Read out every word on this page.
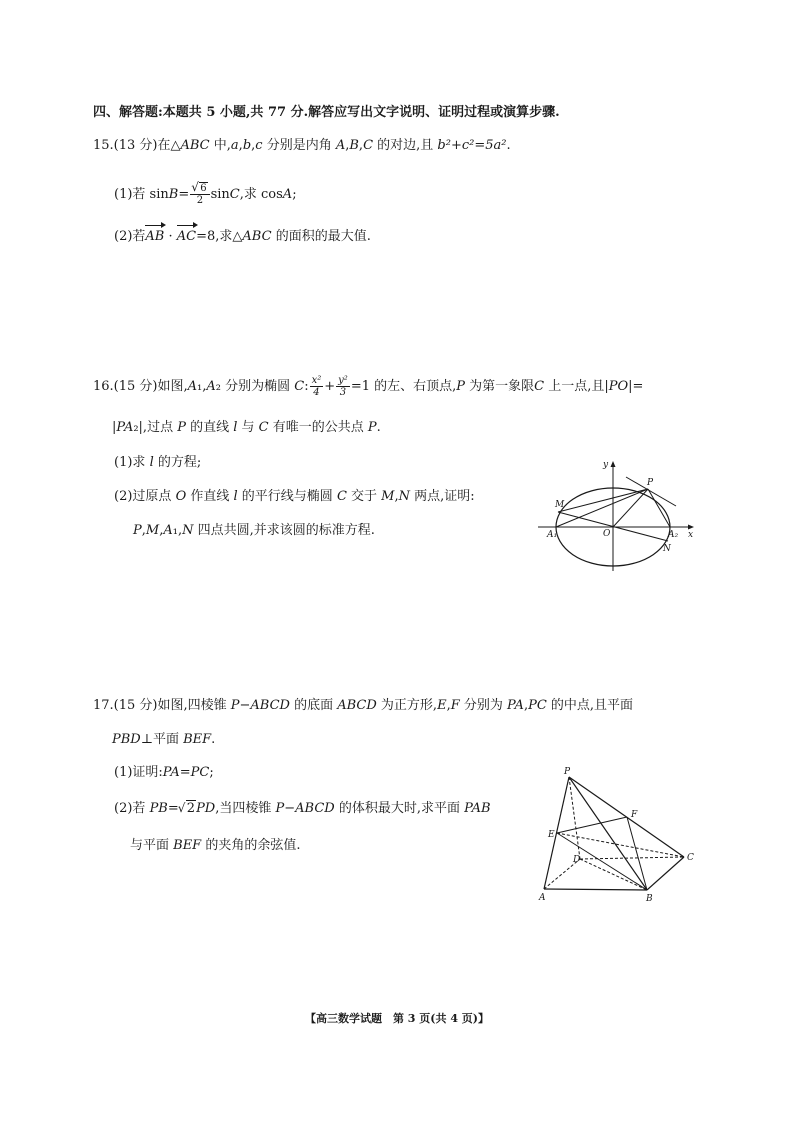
四、解答题:本题共 5 小题,共 77 分.解答应写出文字说明、证明过程或演算步骤.
15.(13 分)在△ABC 中,a,b,c 分别是内角 A,B,C 的对边,且 b²+c²=5a².
(1)若 sinB= √ $\frac{6}{2} \sin C$,求 cosA;
(2)若AB · AC=8,求△ABC 的面积的最大值.
16.(15 分)如图,A₁,A₂ 分别为椭圆 C: $\frac{\text{x²}}{4} + \frac{\text{y²}}{3} =1$ 的左、右顶点,P 为第一象限C 上一点,且|PO|=
|PA₂|,过点 P 的直线 l 与 C 有唯一的公共点 P.
(1)求 l 的方程;
(2)过原点 O 作直线 l 的平行线与椭圆 C 交于 M,N 两点,证明:
P,M,A₁,N 四点共圆,并求该圆的标准方程.
y
x
P
M
O
N
A₁	A₂
17.(15 分)如图,四棱锥 P−ABCD 的底面 ABCD 为正方形,E,F 分别为 PA,PC 的中点,且平面
PBD⊥平面 BEF.
(1)证明:PA=PC;
(2)若 PB= √ 2PD,当四棱锥 P−ABCD 的体积最大时,求平面 PAB
与平面 BEF 的夹角的余弦值.
P
F
E
D	C
A	B
【高三数学试题　第 3 页(共 4 页)】
